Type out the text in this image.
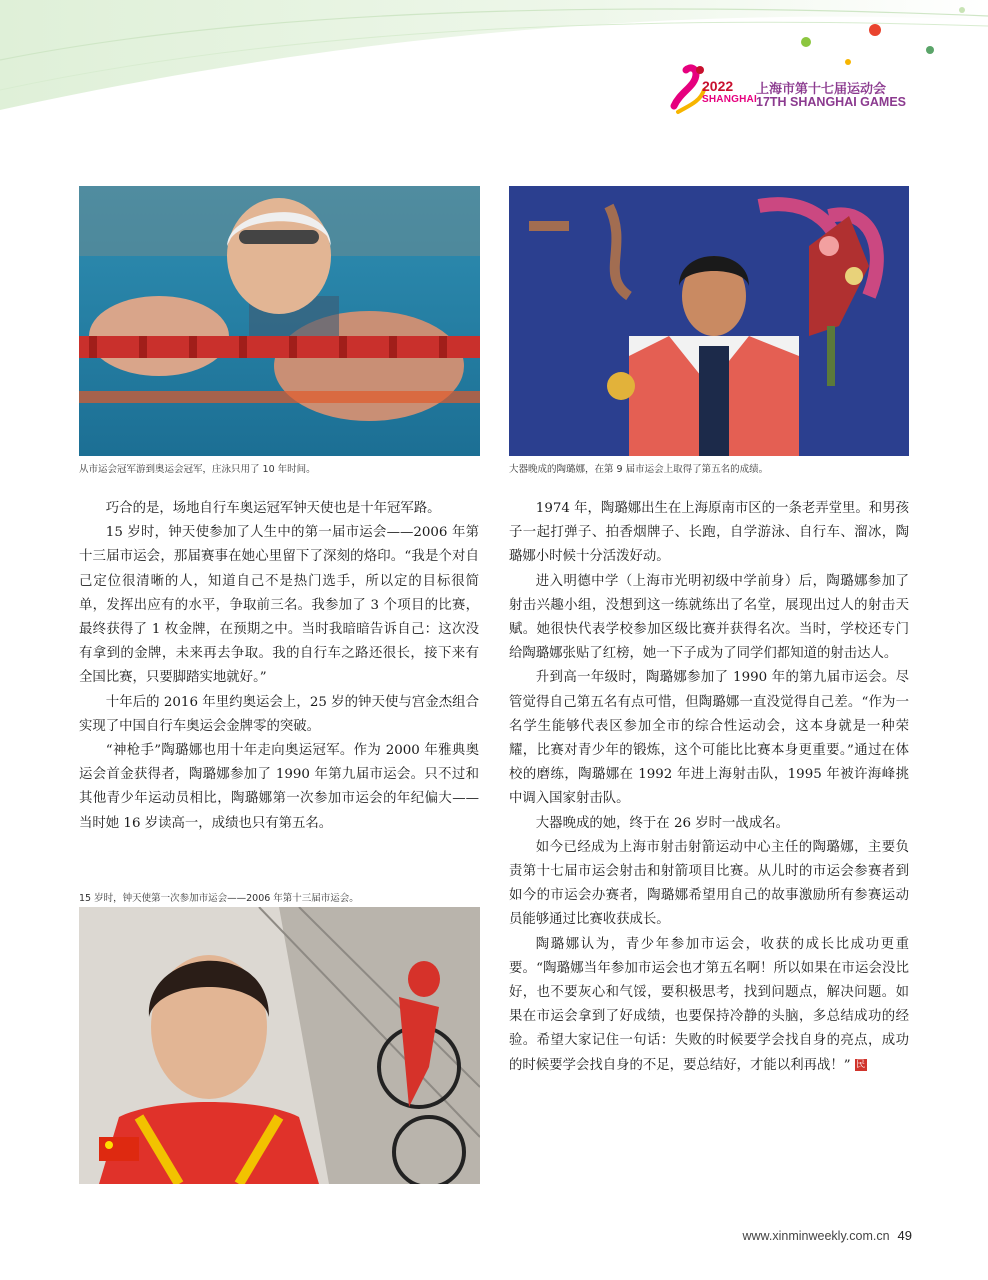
2022
SHANGHAI
上海市第十七届运动会
17TH SHANGHAI GAMES
从市运会冠军游到奥运会冠军，庄泳只用了 10 年时间。	大器晚成的陶璐娜，在第 9 届市运会上取得了第五名的成绩。

巧合的是，场地自行车奥运冠军钟天使也是十年冠军路。

15 岁时，钟天使参加了人生中的第一届市运会——2006 年第十三届市运会，那届赛事在她心里留下了深刻的烙印。“我是个对自己定位很清晰的人，知道自己不是热门选手，所以定的目标很简单，发挥出应有的水平，争取前三名。我参加了 3 个项目的比赛，最终获得了 1 枚金牌，在预期之中。当时我暗暗告诉自己：这次没有拿到的金牌，未来再去争取。我的自行车之路还很长，接下来有全国比赛，只要脚踏实地就好。”

十年后的 2016 年里约奥运会上，25 岁的钟天使与宫金杰组合实现了中国自行车奥运会金牌零的突破。

“神枪手”陶璐娜也用十年走向奥运冠军。作为 2000 年雅典奥运会首金获得者，陶璐娜参加了 1990 年第九届市运会。只不过和其他青少年运动员相比，陶璐娜第一次参加市运会的年纪偏大——当时她 16 岁读高一，成绩也只有第五名。

15 岁时，钟天使第一次参加市运会——2006 年第十三届市运会。

1974 年，陶璐娜出生在上海原南市区的一条老弄堂里。和男孩子一起打弹子、拍香烟牌子、长跑，自学游泳、自行车、溜冰，陶璐娜小时候十分活泼好动。

进入明德中学（上海市光明初级中学前身）后，陶璐娜参加了射击兴趣小组，没想到这一练就练出了名堂，展现出过人的射击天赋。她很快代表学校参加区级比赛并获得名次。当时，学校还专门给陶璐娜张贴了红榜，她一下子成为了同学们都知道的射击达人。

升到高一年级时，陶璐娜参加了 1990 年的第九届市运会。尽管觉得自己第五名有点可惜，但陶璐娜一直没觉得自己差。“作为一名学生能够代表区参加全市的综合性运动会，这本身就是一种荣耀，比赛对青少年的锻炼，这个可能比比赛本身更重要。”通过在体校的磨练，陶璐娜在 1992 年进上海射击队，1995 年被许海峰挑中调入国家射击队。

大器晚成的她，终于在 26 岁时一战成名。

如今已经成为上海市射击射箭运动中心主任的陶璐娜，主要负责第十七届市运会射击和射箭项目比赛。从儿时的市运会参赛者到如今的市运会办赛者，陶璐娜希望用自己的故事激励所有参赛运动员能够通过比赛收获成长。

陶璐娜认为，青少年参加市运会，收获的成长比成功更重要。“陶璐娜当年参加市运会也才第五名啊！所以如果在市运会没比好，也不要灰心和气馁，要积极思考，找到问题点，解决问题。如果在市运会拿到了好成绩，也要保持冷静的头脑，多总结成功的经验。希望大家记住一句话：失败的时候要学会找自身的亮点，成功的时候要学会找自身的不足，要总结好，才能以利再战！” 民

www.xinminweekly.com.cn 49
